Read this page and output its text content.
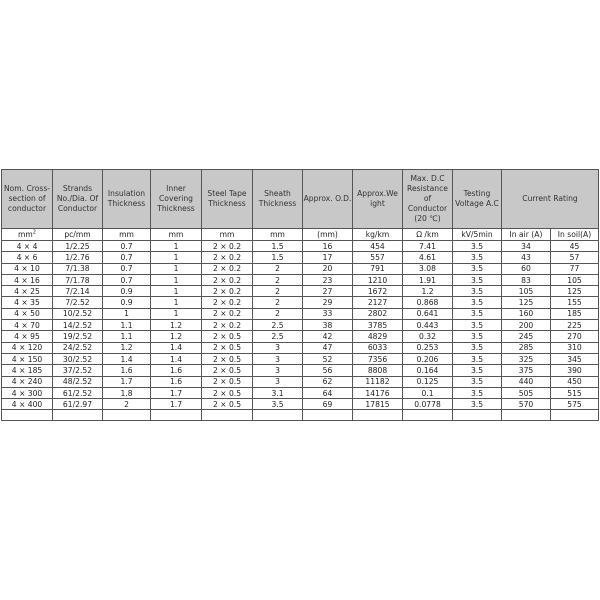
Nom. Cross-section of conductor	Strands No./Dia. Of Conductor	Insulation Thickness	Inner Covering Thickness	Steel Tape Thickness	Sheath Thickness	Approx. O.D.	Approx.We ight	Max. D.C Resistance of Conductor (20 ℃)	Testing Voltage A.C	Current Rating	
$mm^2$	pc/mm	mm	mm	mm	mm	(mm)	kg/km	Ω /km	kV/5min	In air (A)	In soil(A)
4 × 4	1/2.25	0.7	1	2 × 0.2	1.5	16	454	7.41	3.5	34	45
4 × 6	1/2.76	0.7	1	2 × 0.2	1.5	17	557	4.61	3.5	43	57
4 × 10	7/1.38	0.7	1	2 × 0.2	2	20	791	3.08	3.5	60	77
4 × 16	7/1.78	0.7	1	2 × 0.2	2	23	1210	1.91	3.5	83	105
4 × 25	7/2.14	0.9	1	2 × 0.2	2	27	1672	1.2	3.5	105	125
4 × 35	7/2.52	0.9	1	2 × 0.2	2	29	2127	0.868	3.5	125	155
4 × 50	10/2.52	1	1	2 × 0.2	2	33	2802	0.641	3.5	160	185
4 × 70	14/2.52	1.1	1.2	2 × 0.2	2.5	38	3785	0.443	3.5	200	225
4 × 95	19/2.52	1.1	1.2	2 × 0.5	2.5	42	4829	0.32	3.5	245	270
4 × 120	24/2.52	1.2	1.4	2 × 0.5	3	47	6033	0.253	3.5	285	310
4 × 150	30/2.52	1.4	1.4	2 × 0.5	3	52	7356	0.206	3.5	325	345
4 × 185	37/2.52	1.6	1.6	2 × 0.5	3	56	8808	0.164	3.5	375	390
4 × 240	48/2.52	1.7	1.6	2 × 0.5	3	62	11182	0.125	3.5	440	450
4 × 300	61/2.52	1.8	1.7	2 × 0.5	3.1	64	14176	0.1	3.5	505	515
4 × 400	61/2.97	2	1.7	2 × 0.5	3.5	69	17815	0.0778	3.5	570	575
